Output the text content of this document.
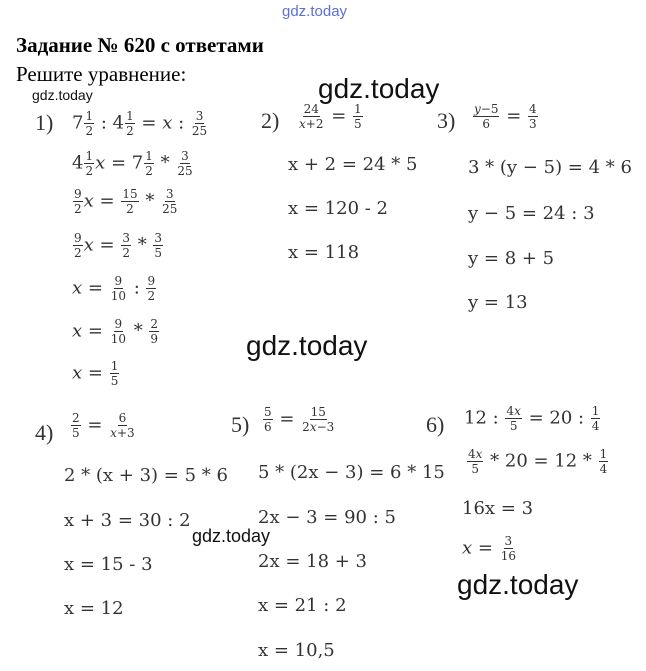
gdz.today
Задание № 620 с ответами
Решите уравнение:
gdz.today	gdz.today
gdz.today
gdz.today
gdz.today
1) $7 \frac{1}{2}$ : $4 \frac{1}{2} = x$ : $\frac{3}{25}$
$4 \frac{1}{2}$ $x = 7 \frac{1}{2} * \frac{3}{25}$
$\frac{9}{2}$ $x = \frac{15}{2} * \frac{3}{25}$
$\frac{9}{2}$ $x = \frac{3}{2} * \frac{3}{5}$
$x = \frac{9}{10}$ : $\frac{9}{2}$
$x = \frac{9}{10} * \frac{2}{9}$
$x = \frac{1}{5}$
$2) \frac{24}{x+2} = \frac{1}{5}$
x + 2 = 24 * 5
x = 120 - 2
x = 118
$3) \frac{y-5}{6} = \frac{4}{3}$
3 * (y − 5) = 4 * 6
y − 5 = 24 : 3
y = 8 + 5
y = 13
$4) \frac{2}{5} = \frac{6}{x+3}$
2 * (x + 3) = 5 * 6
x + 3 = 30 : 2
x = 15 - 3
x = 12
$5) \frac{5}{6} = \frac{15}{2x-3}$
5 * (2x − 3) = 6 * 15
2x − 3 = 90 : 5
2x = 18 + 3
x = 21 : 2
x = 10,5
6) 12 : $\frac{4x}{5} = 20$ : $\frac{1}{4}$
$\frac{4x}{5} * 20 = 12 * \frac{1}{4}$
16x = 3
$x = \frac{3}{16}$
